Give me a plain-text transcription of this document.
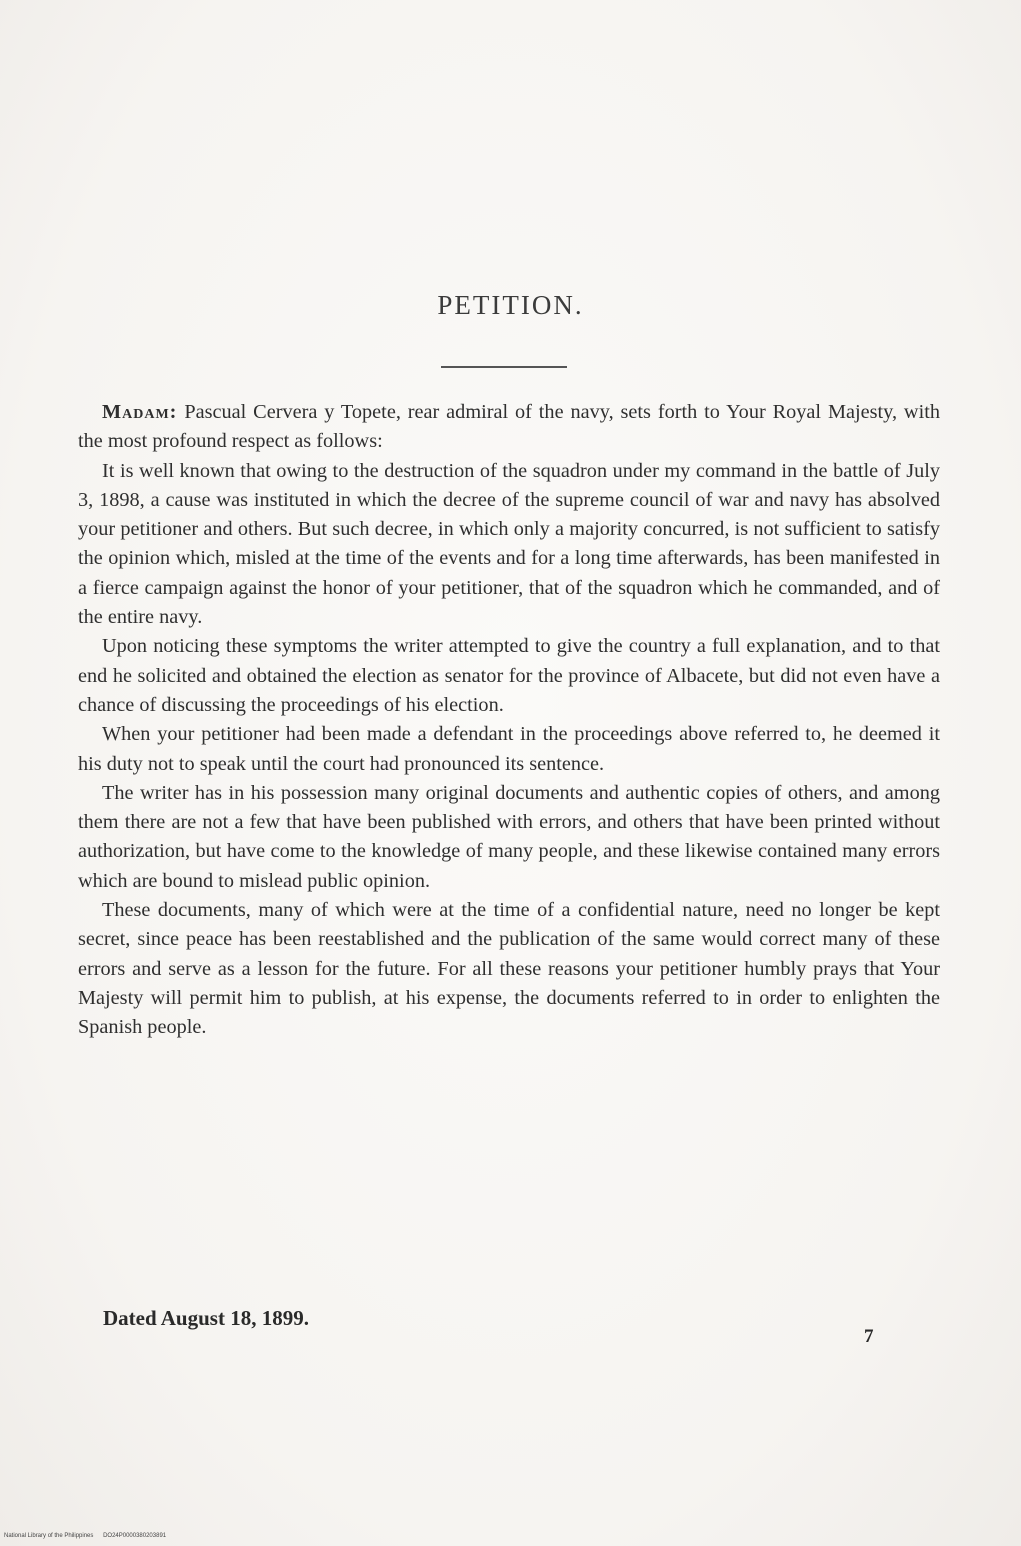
PETITION.

Madam: Pascual Cervera y Topete, rear admiral of the navy, sets forth to Your Royal Majesty, with the most profound respect as follows:

It is well known that owing to the destruction of the squadron under my command in the battle of July 3, 1898, a cause was instituted in which the decree of the supreme council of war and navy has absolved your petitioner and others. But such decree, in which only a majority concurred, is not sufficient to satisfy the opinion which, misled at the time of the events and for a long time afterwards, has been manifested in a fierce campaign against the honor of your petitioner, that of the squadron which he commanded, and of the entire navy.

Upon noticing these symptoms the writer attempted to give the country a full explanation, and to that end he solicited and obtained the election as senator for the province of Albacete, but did not even have a chance of discussing the proceedings of his election.

When your petitioner had been made a defendant in the proceedings above referred to, he deemed it his duty not to speak until the court had pronounced its sentence.

The writer has in his possession many original documents and authentic copies of others, and among them there are not a few that have been published with errors, and others that have been printed without authorization, but have come to the knowledge of many people, and these likewise contained many errors which are bound to mislead public opinion.

These documents, many of which were at the time of a confidential nature, need no longer be kept secret, since peace has been reestablished and the publication of the same would correct many of these errors and serve as a lesson for the future. For all these reasons your petitioner humbly prays that Your Majesty will permit him to publish, at his expense, the documents referred to in order to enlighten the Spanish people.

Dated August 18, 1899.
7
National Library of the Philippines DO24P0000380203891
